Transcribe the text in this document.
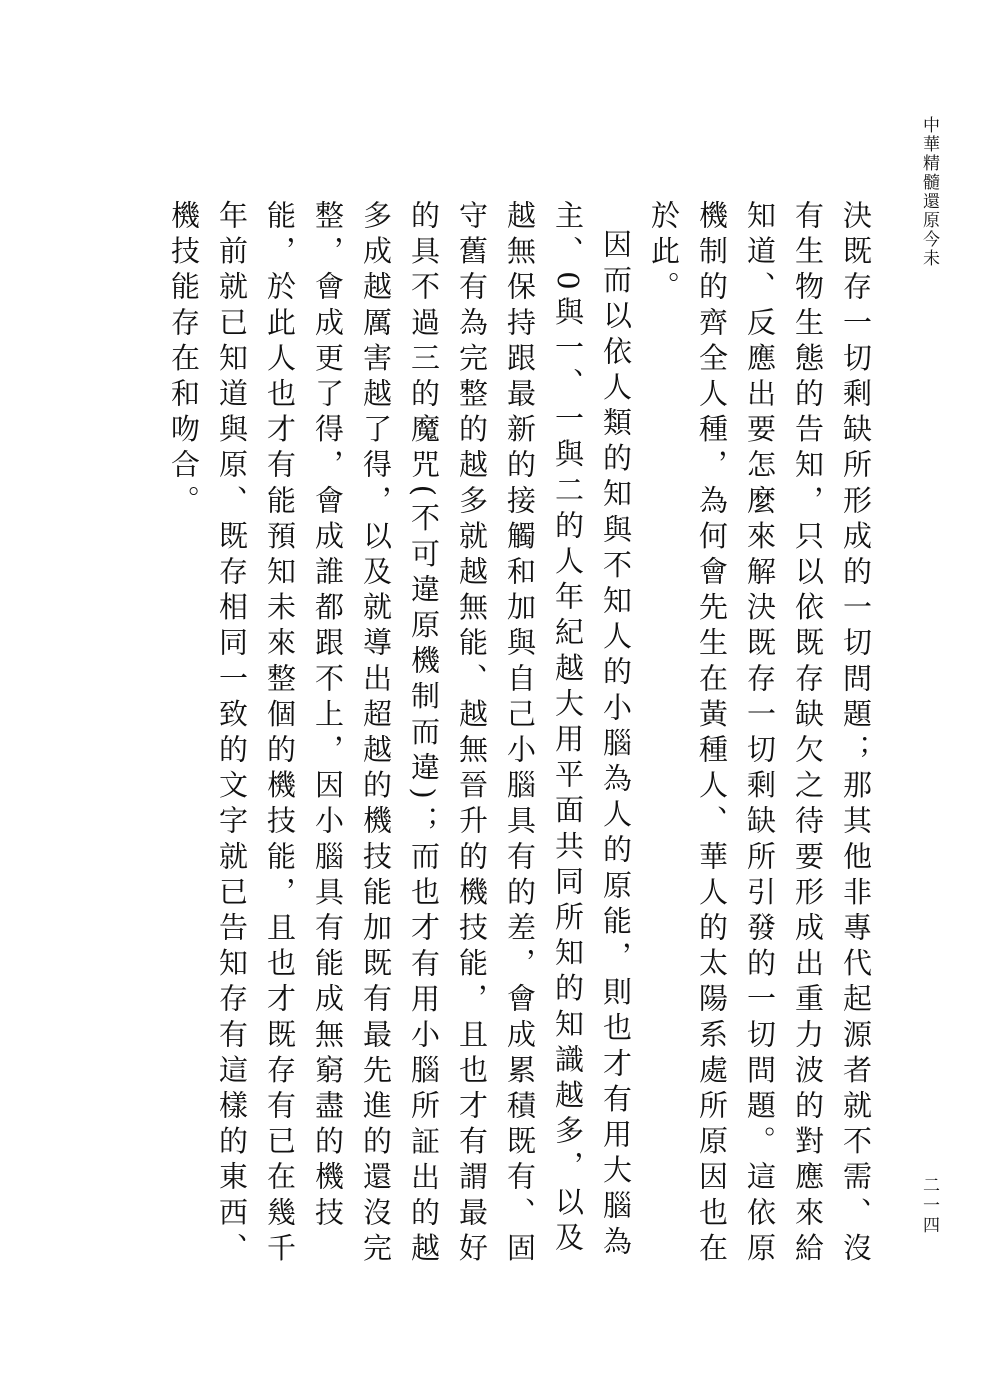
中華精髓還原今未
二一四

決既存一切剩缺所形成的一切問題；那其他非專代起源者就不需、沒有生物生態的告知，只以依既存缺欠之待要形成出重力波的對應來給知道、反應出要怎麼來解決既存一切剩缺所引發的一切問題。這依原機制的齊全人種，為何會先生在黃種人、華人的太陽系處所原因也在於此。

因而以依人類的知與不知人的小腦為人的原能，則也才有用大腦為主、0與一、一與二的人年紀越大用平面共同所知的知識越多，以及越無保持跟最新的接觸和加與自己小腦具有的差，會成累積既有、固守舊有為完整的越多就越無能、越無晉升的機技能，且也才有謂最好的具不過三的魔咒(不可違原機制而違)；而也才有用小腦所証出的越多成越厲害越了得，以及就導出超越的機技能加既有最先進的還沒完整，會成更了得，會成誰都跟不上，因小腦具有能成無窮盡的機技能，於此人也才有能預知未來整個的機技能，且也才既存有已在幾千年前就已知道與原、既存相同一致的文字就已告知存有這樣的東西、機技能存在和吻合。
